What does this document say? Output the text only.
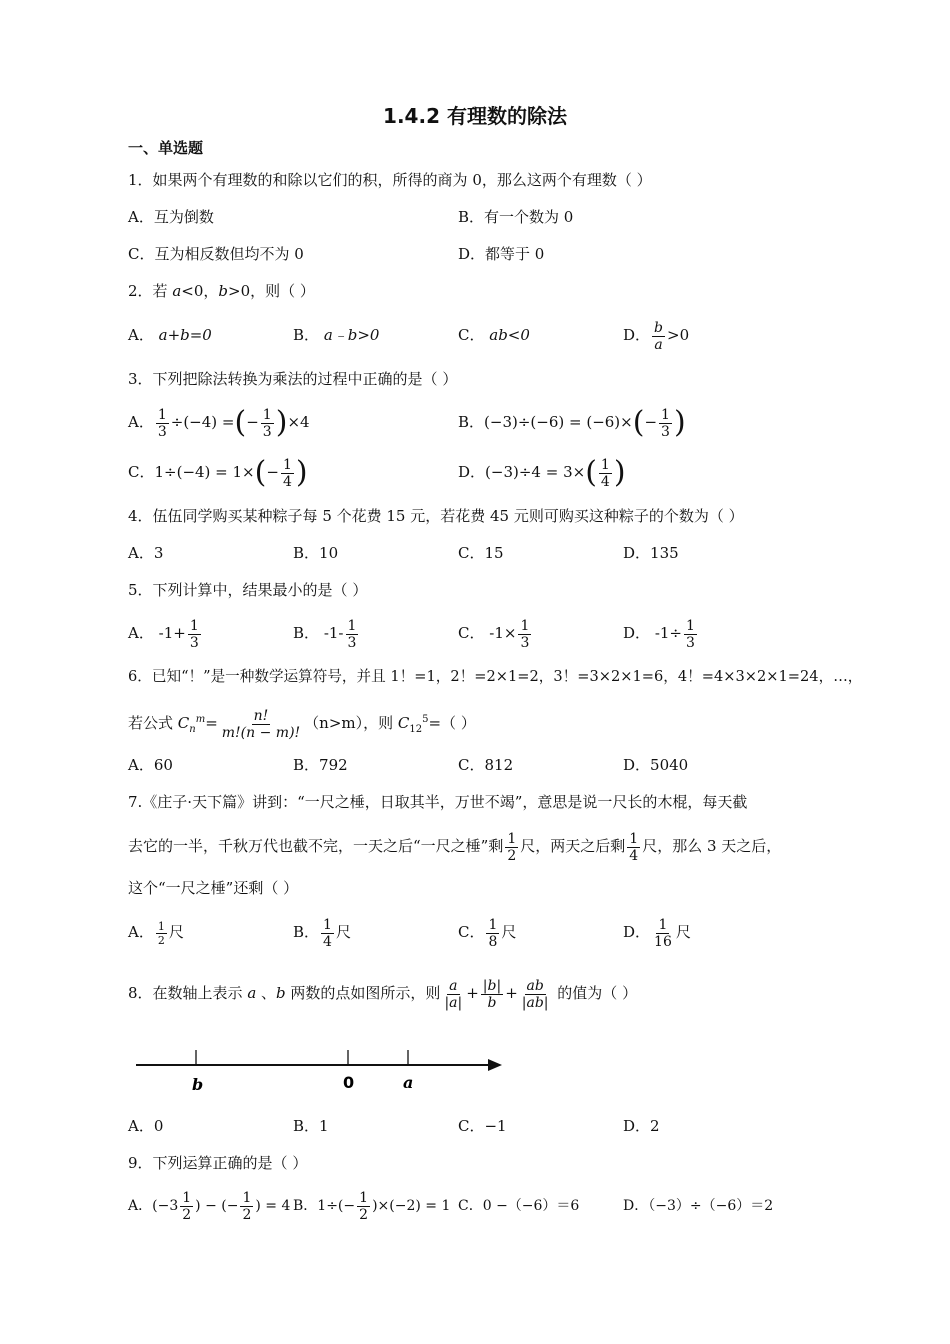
1.4.2 有理数的除法
一、单选题
1．如果两个有理数的和除以它们的积，所得的商为 0，那么这两个有理数（ ）
A．互为倒数	B．有一个数为 0
C．互为相反数但均不为 0	D．都等于 0
2．若 a<0，b>0，则（ ）
A． a+b=0	B． a﹣b>0	C． ab<0	D． $\frac{b}{a} >0$
3．下列把除法转换为乘法的过程中正确的是（ ）
A． $\frac{1}{3} \div(-4)$ =(− $\frac{1}{3} )\times 4$	B．$(-3)\div(-6) = (-6)\times(- \frac{1}{3}$ )
C．$1\div(-4) = 1\times(- \frac{1}{4}$ )	D．$(-3)\div 4 = 3\times( \frac{1}{4}$ )
4．伍伍同学购买某种粽子每 5 个花费 15 元，若花费 45 元则可购买这种粽子的个数为（ ）
A．3	B．10	C．15	D．135
5．下列计算中，结果最小的是（ ）
A． $-1+ \frac{1}{3}$	B． $-1- \frac{1}{3}$	C． $-1\times \frac{1}{3}$	D． $-1\div \frac{1}{3}$
6．已知“！”是一种数学运算符号，并且 1！=1，2！=2×1=2，3！=3×2×1=6，4！=4×3×2×1=24，…，
若公式 $C_n^m= \frac{n!}{m!(n - m)!} (n>m)$，则 $C_{12}^5=$（ ）
A．60	B．792	C．812	D．5040
7.《庄子·天下篇》讲到：“一尺之棰，日取其半，万世不竭”，意思是说一尺长的木棍，每天截
去它的一半，千秋万代也截不完，一天之后“一尺之棰”剩 $\frac{1}{2}$ 尺，两天之后剩 $\frac{1}{4}$ 尺，那么 3 天之后，
这个“一尺之棰”还剩（ ）
A． $\frac{1}{2}$ 尺	B． $\frac{1}{4}$ 尺	C． $\frac{1}{8}$ 尺	D． $\frac{1}{16}$ 尺
8．在数轴上表示 a 、b 两数的点如图所示，则 $\frac{a}{|a|} + \frac{|b|}{b} + \frac{ab}{|ab|}$ 的值为（ ）
b	0	a
A．0	B．1	C．−1	D．2
9．下列运算正确的是（ ）
A．($-3 \frac{1}{2}$ ) − (− $\frac{1}{2}$ ) = 4 B．$1\div(- \frac{1}{2} )\times(-2) = 1$ C．0 −（−6）＝6	D．（−3）÷（−6）＝2
